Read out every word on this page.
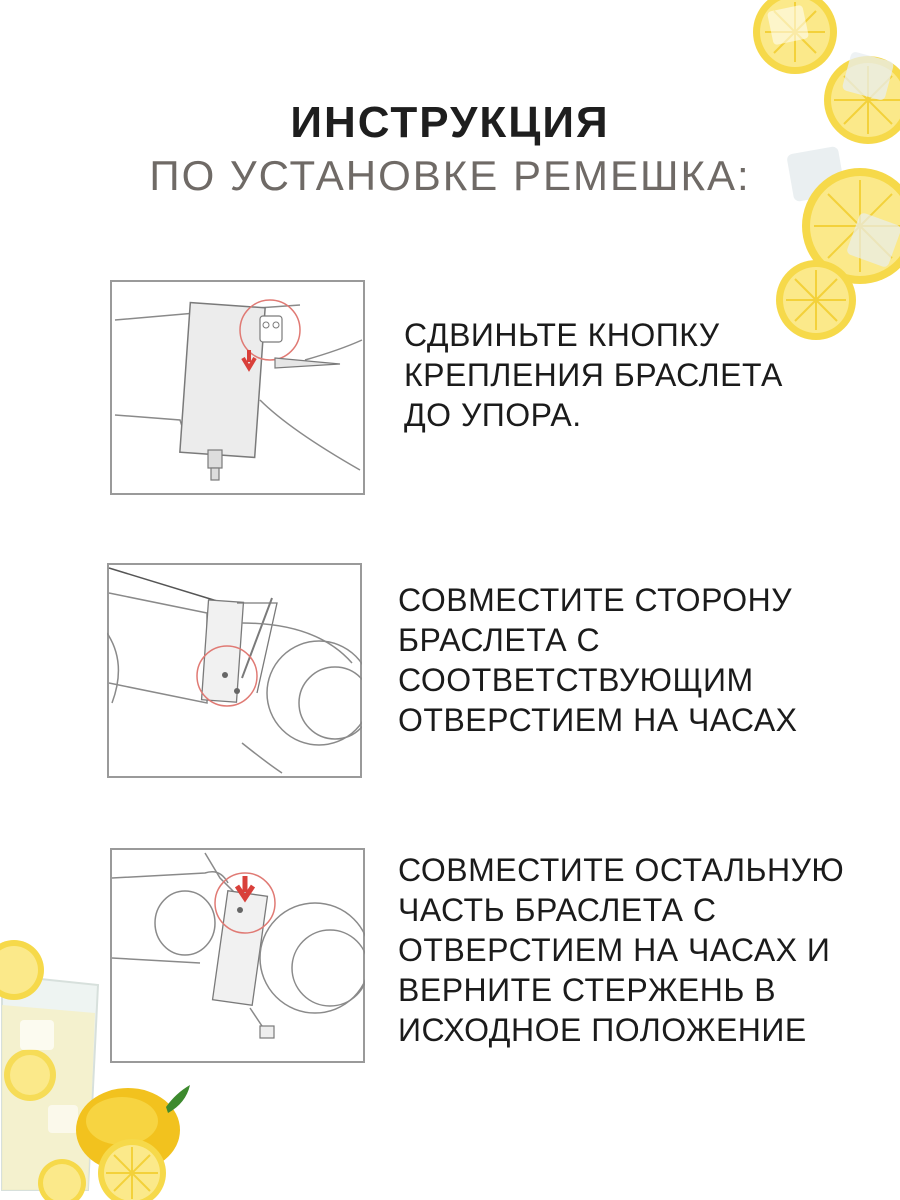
ИНСТРУКЦИЯ
ПО УСТАНОВКЕ РЕМЕШКА:
СДВИНЬТЕ КНОПКУ
КРЕПЛЕНИЯ БРАСЛЕТА
ДО УПОРА.
СОВМЕСТИТЕ СТОРОНУ
БРАСЛЕТА С
СООТВЕТСТВУЮЩИМ
ОТВЕРСТИЕМ НА ЧАСАХ
СОВМЕСТИТЕ ОСТАЛЬНУЮ
ЧАСТЬ БРАСЛЕТА С
ОТВЕРСТИЕМ НА ЧАСАХ И
ВЕРНИТЕ СТЕРЖЕНЬ В
ИСХОДНОЕ ПОЛОЖЕНИЕ
